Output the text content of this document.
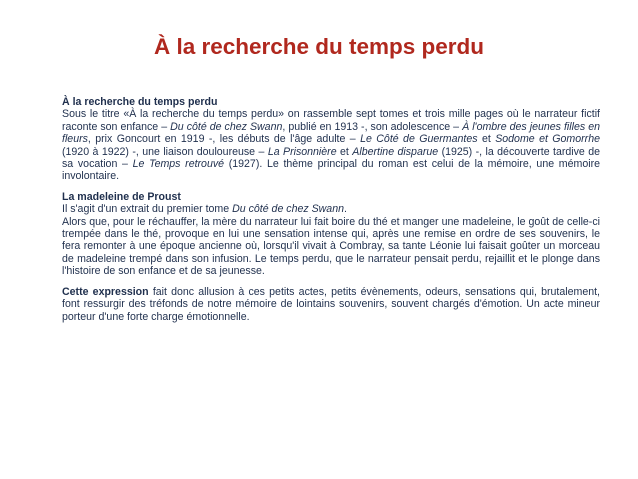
À la recherche du temps perdu

À la recherche du temps perdu

Sous le titre «À la recherche du temps perdu» on rassemble sept tomes et trois mille pages où le narrateur fictif raconte son enfance – Du côté de chez Swann, publié en 1913 -, son adolescence – À l'ombre des jeunes filles en fleurs, prix Goncourt en 1919 -, les débuts de l'âge adulte – Le Côté de Guermantes et Sodome et Gomorrhe (1920 à 1922) -, une liaison douloureuse – La Prisonnière et Albertine disparue (1925) -, la découverte tardive de sa vocation – Le Temps retrouvé (1927). Le thème principal du roman est celui de la mémoire, une mémoire involontaire.

La madeleine de Proust

Il s'agit d'un extrait du premier tome Du côté de chez Swann.

Alors que, pour le réchauffer, la mère du narrateur lui fait boire du thé et manger une madeleine, le goût de celle-ci trempée dans le thé, provoque en lui une sensation intense qui, après une remise en ordre de ses souvenirs, le fera remonter à une époque ancienne où, lorsqu'il vivait à Combray, sa tante Léonie lui faisait goûter un morceau de madeleine trempé dans son infusion. Le temps perdu, que le narrateur pensait perdu, rejaillit et le plonge dans l'histoire de son enfance et de sa jeunesse.

Cette expression fait donc allusion à ces petits actes, petits évènements, odeurs, sensations qui, brutalement, font ressurgir des tréfonds de notre mémoire de lointains souvenirs, souvent chargés d'émotion. Un acte mineur porteur d'une forte charge émotionnelle.
